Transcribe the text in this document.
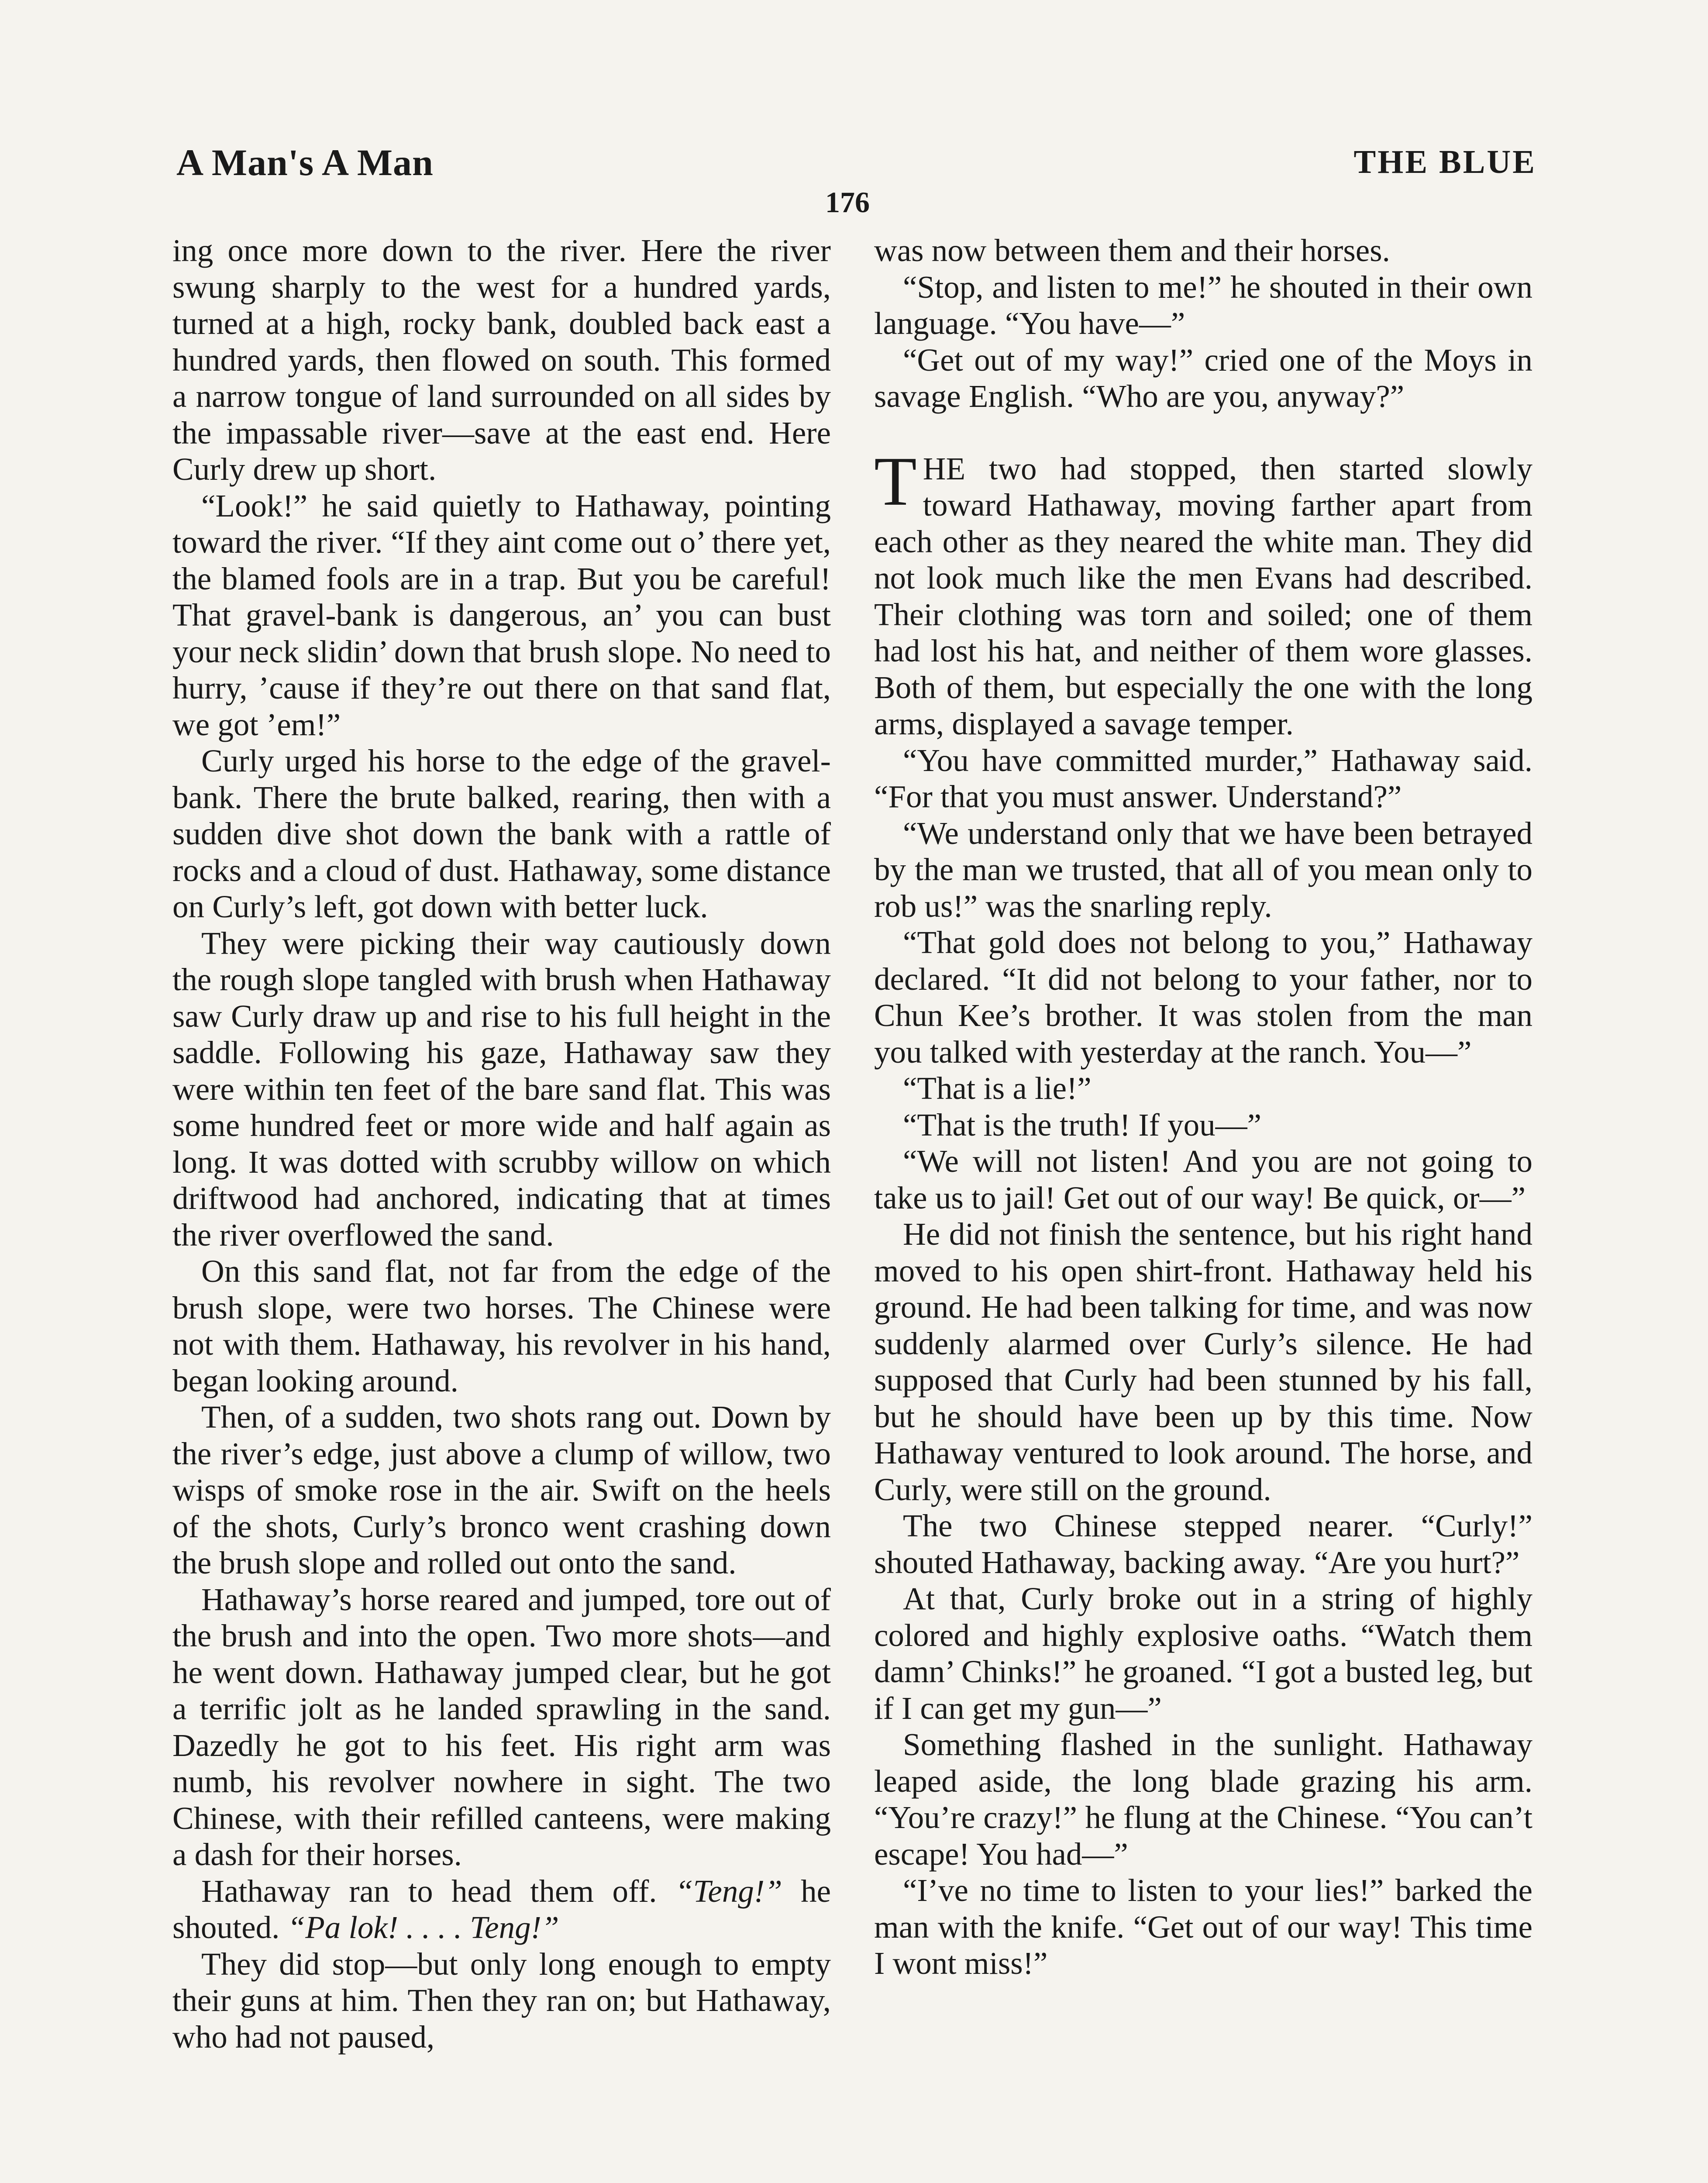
A Man's A Man	THE BLUE
176

ing once more down to the river. Here the river swung sharply to the west for a hundred yards, turned at a high, rocky bank, doubled back east a hundred yards, then flowed on south. This formed a narrow tongue of land surrounded on all sides by the impassable river—save at the east end. Here Curly drew up short.

“Look!” he said quietly to Hathaway, pointing toward the river. “If they aint come out o’ there yet, the blamed fools are in a trap. But you be careful! That gravel-bank is dangerous, an’ you can bust your neck slidin’ down that brush slope. No need to hurry, ’cause if they’re out there on that sand flat, we got ’em!”

Curly urged his horse to the edge of the gravel-bank. There the brute balked, rearing, then with a sudden dive shot down the bank with a rattle of rocks and a cloud of dust. Hathaway, some distance on Curly’s left, got down with better luck.

They were picking their way cautiously down the rough slope tangled with brush when Hathaway saw Curly draw up and rise to his full height in the saddle. Following his gaze, Hathaway saw they were within ten feet of the bare sand flat. This was some hundred feet or more wide and half again as long. It was dotted with scrubby willow on which driftwood had anchored, indicating that at times the river overflowed the sand.

On this sand flat, not far from the edge of the brush slope, were two horses. The Chinese were not with them. Hathaway, his revolver in his hand, began looking around.

Then, of a sudden, two shots rang out. Down by the river’s edge, just above a clump of willow, two wisps of smoke rose in the air. Swift on the heels of the shots, Curly’s bronco went crashing down the brush slope and rolled out onto the sand.

Hathaway’s horse reared and jumped, tore out of the brush and into the open. Two more shots—and he went down. Hathaway jumped clear, but he got a terrific jolt as he landed sprawling in the sand. Dazedly he got to his feet. His right arm was numb, his revolver nowhere in sight. The two Chinese, with their refilled canteens, were making a dash for their horses.

Hathaway ran to head them off. “Teng!” he shouted. “Pa lok! . . . . Teng!”

They did stop—but only long enough to empty their guns at him. Then they ran on; but Hathaway, who had not paused,

was now between them and their horses.

“Stop, and listen to me!” he shouted in their own language. “You have—”

“Get out of my way!” cried one of the Moys in savage English. “Who are you, anyway?”

THE two had stopped, then started slowly toward Hathaway, moving farther apart from each other as they neared the white man. They did not look much like the men Evans had described. Their clothing was torn and soiled; one of them had lost his hat, and neither of them wore glasses. Both of them, but especially the one with the long arms, displayed a savage temper.

“You have committed murder,” Hathaway said. “For that you must answer. Understand?”

“We understand only that we have been betrayed by the man we trusted, that all of you mean only to rob us!” was the snarling reply.

“That gold does not belong to you,” Hathaway declared. “It did not belong to your father, nor to Chun Kee’s brother. It was stolen from the man you talked with yesterday at the ranch. You—”

“That is a lie!”

“That is the truth! If you—”

“We will not listen! And you are not going to take us to jail! Get out of our way! Be quick, or—”

He did not finish the sentence, but his right hand moved to his open shirt-front. Hathaway held his ground. He had been talking for time, and was now suddenly alarmed over Curly’s silence. He had supposed that Curly had been stunned by his fall, but he should have been up by this time. Now Hathaway ventured to look around. The horse, and Curly, were still on the ground.

The two Chinese stepped nearer. “Curly!” shouted Hathaway, backing away. “Are you hurt?”

At that, Curly broke out in a string of highly colored and highly explosive oaths. “Watch them damn’ Chinks!” he groaned. “I got a busted leg, but if I can get my gun—”

Something flashed in the sunlight. Hathaway leaped aside, the long blade grazing his arm. “You’re crazy!” he flung at the Chinese. “You can’t escape! You had—”

“I’ve no time to listen to your lies!” barked the man with the knife. “Get out of our way! This time I wont miss!”
